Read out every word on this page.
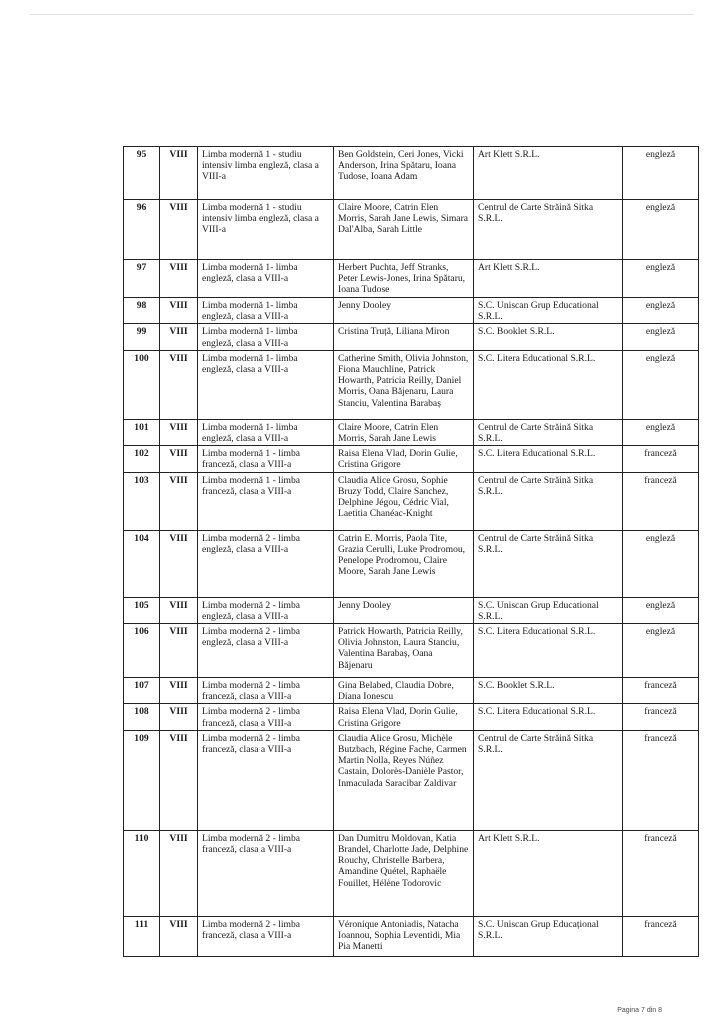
95	VIII	Limba modernă 1 - studiu intensiv limba engleză, clasa a VIII-a	Ben Goldstein, Ceri Jones, Vicki Anderson, Irina Spătaru, Ioana Tudose, Ioana Adam	Art Klett S.R.L.	engleză
96	VIII	Limba modernă 1 - studiu intensiv limba engleză, clasa a VIII-a	Claire Moore, Catrin Elen Morris, Sarah Jane Lewis, Simara Dal'Alba, Sarah Little	Centrul de Carte Străină Sitka S.R.L.	engleză
97	VIII	Limba modernă 1- limba engleză, clasa a VIII-a	Herbert Puchta, Jeff Stranks, Peter Lewis-Jones, Irina Spătaru, Ioana Tudose	Art Klett S.R.L.	engleză
98	VIII	Limba modernă 1- limba engleză, clasa a VIII-a	Jenny Dooley	S.C. Uniscan Grup Educational S.R.L.	engleză
99	VIII	Limba modernă 1- limba engleză, clasa a VIII-a	Cristina Truță, Liliana Miron	S.C. Booklet S.R.L.	engleză
100	VIII	Limba modernă 1- limba engleză, clasa a VIII-a	Catherine Smith, Olivia Johnston, Fiona Mauchline, Patrick Howarth, Patricia Reilly, Daniel Morris, Oana Băjenaru, Laura Stanciu, Valentina Barabaș	S.C. Litera Educational S.R.L.	engleză
101	VIII	Limba modernă 1- limba engleză, clasa a VIII-a	Claire Moore, Catrin Elen Morris, Sarah Jane Lewis	Centrul de Carte Străină Sitka S.R.L.	engleză
102	VIII	Limba modernă 1 - limba franceză, clasa a VIII-a	Raisa Elena Vlad, Dorin Gulie, Cristina Grigore	S.C. Litera Educational S.R.L.	franceză
103	VIII	Limba modernă 1 - limba franceză, clasa a VIII-a	Claudia Alice Grosu, Sophie Bruzy Todd, Claire Sanchez, Delphine Jégou, Cédric Vial, Laetitia Chanéac-Knight	Centrul de Carte Străină Sitka S.R.L.	franceză
104	VIII	Limba modernă 2 - limba engleză, clasa a VIII-a	Catrin E. Morris, Paola Tite, Grazia Cerulli, Luke Prodromou, Penelope Prodromou, Claire Moore, Sarah Jane Lewis	Centrul de Carte Străină Sitka S.R.L.	engleză
105	VIII	Limba modernă 2 - limba engleză, clasa a VIII-a	Jenny Dooley	S.C. Uniscan Grup Educational S.R.L.	engleză
106	VIII	Limba modernă 2 - limba engleză, clasa a VIII-a	Patrick Howarth, Patricia Reilly, Olivia Johnston, Laura Stanciu, Valentina Barabaș, Oana Băjenaru	S.C. Litera Educational S.R.L.	engleză
107	VIII	Limba modernă 2 - limba franceză, clasa a VIII-a	Gina Belabed, Claudia Dobre, Diana Ionescu	S.C. Booklet S.R.L.	franceză
108	VIII	Limba modernă 2 - limba franceză, clasa a VIII-a	Raisa Elena Vlad, Dorin Gulie, Cristina Grigore	S.C. Litera Educational S.R.L.	franceză
109	VIII	Limba modernă 2 - limba franceză, clasa a VIII-a	Claudia Alice Grosu, Michèle Butzbach, Régine Fache, Carmen Martin Nolla, Reyes Núñez Castain, Dolorès-Danièle Pastor, Inmaculada Saracibar Zaldivar	Centrul de Carte Străină Sitka S.R.L.	franceză
110	VIII	Limba modernă 2 - limba franceză, clasa a VIII-a	Dan Dumitru Moldovan, Katia Brandel, Charlotte Jade, Delphine Rouchy, Christelle Barbera, Amandine Quétel, Raphaële Fouillet, Hélène Todorovic	Art Klett S.R.L.	franceză
111	VIII	Limba modernă 2 - limba franceză, clasa a VIII-a	Véronique Antoniadis, Natacha Ioannou, Sophia Leventidi, Mia Pia Manetti	S.C. Uniscan Grup Educațional S.R.L.	franceză
Pagina 7 din 8
